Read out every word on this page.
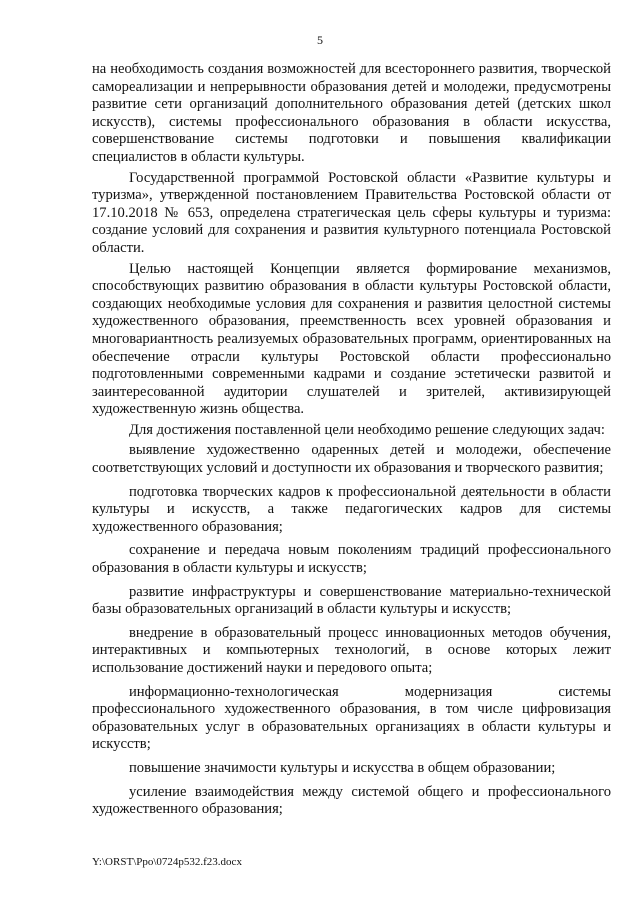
5

на необходимость создания возможностей для всестороннего развития, творческой самореализации и непрерывности образования детей и молодежи, предусмотрены развитие сети организаций дополнительного образования детей (детских школ искусств), системы профессионального образования в области искусства, совершенствование системы подготовки и повышения квалификации специалистов в области культуры.

Государственной программой Ростовской области «Развитие культуры и туризма», утвержденной постановлением Правительства Ростовской области от 17.10.2018 № 653, определена стратегическая цель сферы культуры и туризма: создание условий для сохранения и развития культурного потенциала Ростовской области.

Целью настоящей Концепции является формирование механизмов, способствующих развитию образования в области культуры Ростовской области, создающих необходимые условия для сохранения и развития целостной системы художественного образования, преемственность всех уровней образования и многовариантность реализуемых образовательных программ, ориентированных на обеспечение отрасли культуры Ростовской области профессионально подготовленными современными кадрами и создание эстетически развитой и заинтересованной аудитории слушателей и зрителей, активизирующей художественную жизнь общества.

Для достижения поставленной цели необходимо решение следующих задач:

выявление художественно одаренных детей и молодежи, обеспечение соответствующих условий и доступности их образования и творческого развития;

подготовка творческих кадров к профессиональной деятельности в области культуры и искусств, а также педагогических кадров для системы художественного образования;

сохранение и передача новым поколениям традиций профессионального образования в области культуры и искусств;

развитие инфраструктуры и совершенствование материально-технической базы образовательных организаций в области культуры и искусств;

внедрение в образовательный процесс инновационных методов обучения, интерактивных и компьютерных технологий, в основе которых лежит использование достижений науки и передового опыта;

информационно-технологическая модернизация системы профессионального художественного образования, в том числе цифровизация образовательных услуг в образовательных организациях в области культуры и искусств;

повышение значимости культуры и искусства в общем образовании;

усиление взаимодействия между системой общего и профессионального художественного образования;

Y:\ORST\Ppo\0724p532.f23.docx
